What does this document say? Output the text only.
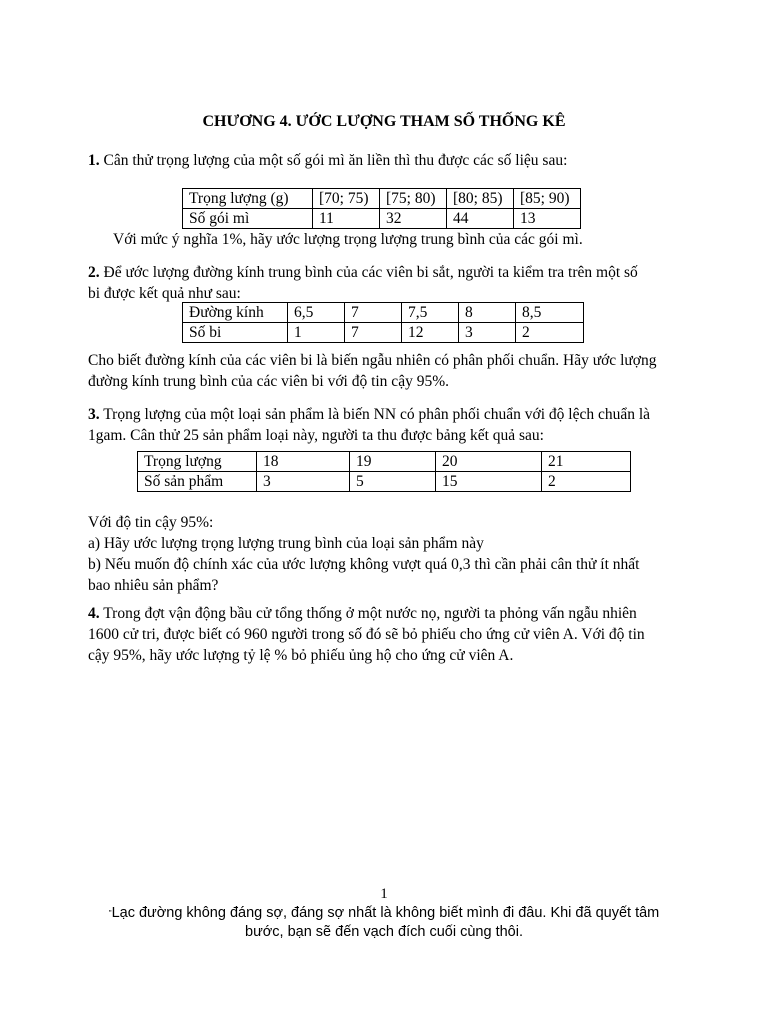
CHƯƠNG 4. ƯỚC LƯỢNG THAM SỐ THỐNG KÊ

1. Cân thử trọng lượng của một số gói mì ăn liền thì thu được các số liệu sau:

Trọng lượng (g)	[70; 75)	[75; 80)	[80; 85)	[85; 90)
Số gói mì	11	32	44	13

Với mức ý nghĩa 1%, hãy ước lượng trọng lượng trung bình của các gói mì.

2. Để ước lượng đường kính trung bình của các viên bi sắt, người ta kiểm tra trên một số
bi được kết quả như sau:

Đường kính	6,5	7	7,5	8	8,5
Số bi	1	7	12	3	2

Cho biết đường kính của các viên bi là biến ngẫu nhiên có phân phối chuẩn. Hãy ước lượng
đường kính trung bình của các viên bi với độ tin cậy 95%.

3. Trọng lượng của một loại sản phẩm là biến NN có phân phối chuẩn với độ lệch chuẩn là
1gam. Cân thử 25 sản phẩm loại này, người ta thu được bảng kết quả sau:

Trọng lượng	18	19	20	21
Số sản phẩm	3	5	15	2

Với độ tin cậy 95%:
a) Hãy ước lượng trọng lượng trung bình của loại sản phẩm này
b) Nếu muốn độ chính xác của ước lượng không vượt quá 0,3 thì cần phải cân thử ít nhất
bao nhiêu sản phẩm?

4. Trong đợt vận động bầu cử tổng thống ở một nước nọ, người ta phỏng vấn ngẫu nhiên
1600 cử tri, được biết có 960 người trong số đó sẽ bỏ phiếu cho ứng cử viên A. Với độ tin
cậy 95%, hãy ước lượng tỷ lệ % bỏ phiếu ủng hộ cho ứng cử viên A.

1
"Lạc đường không đáng sợ, đáng sợ nhất là không biết mình đi đâu. Khi đã quyết tâm
bước, bạn sẽ đến vạch đích cuối cùng thôi.
